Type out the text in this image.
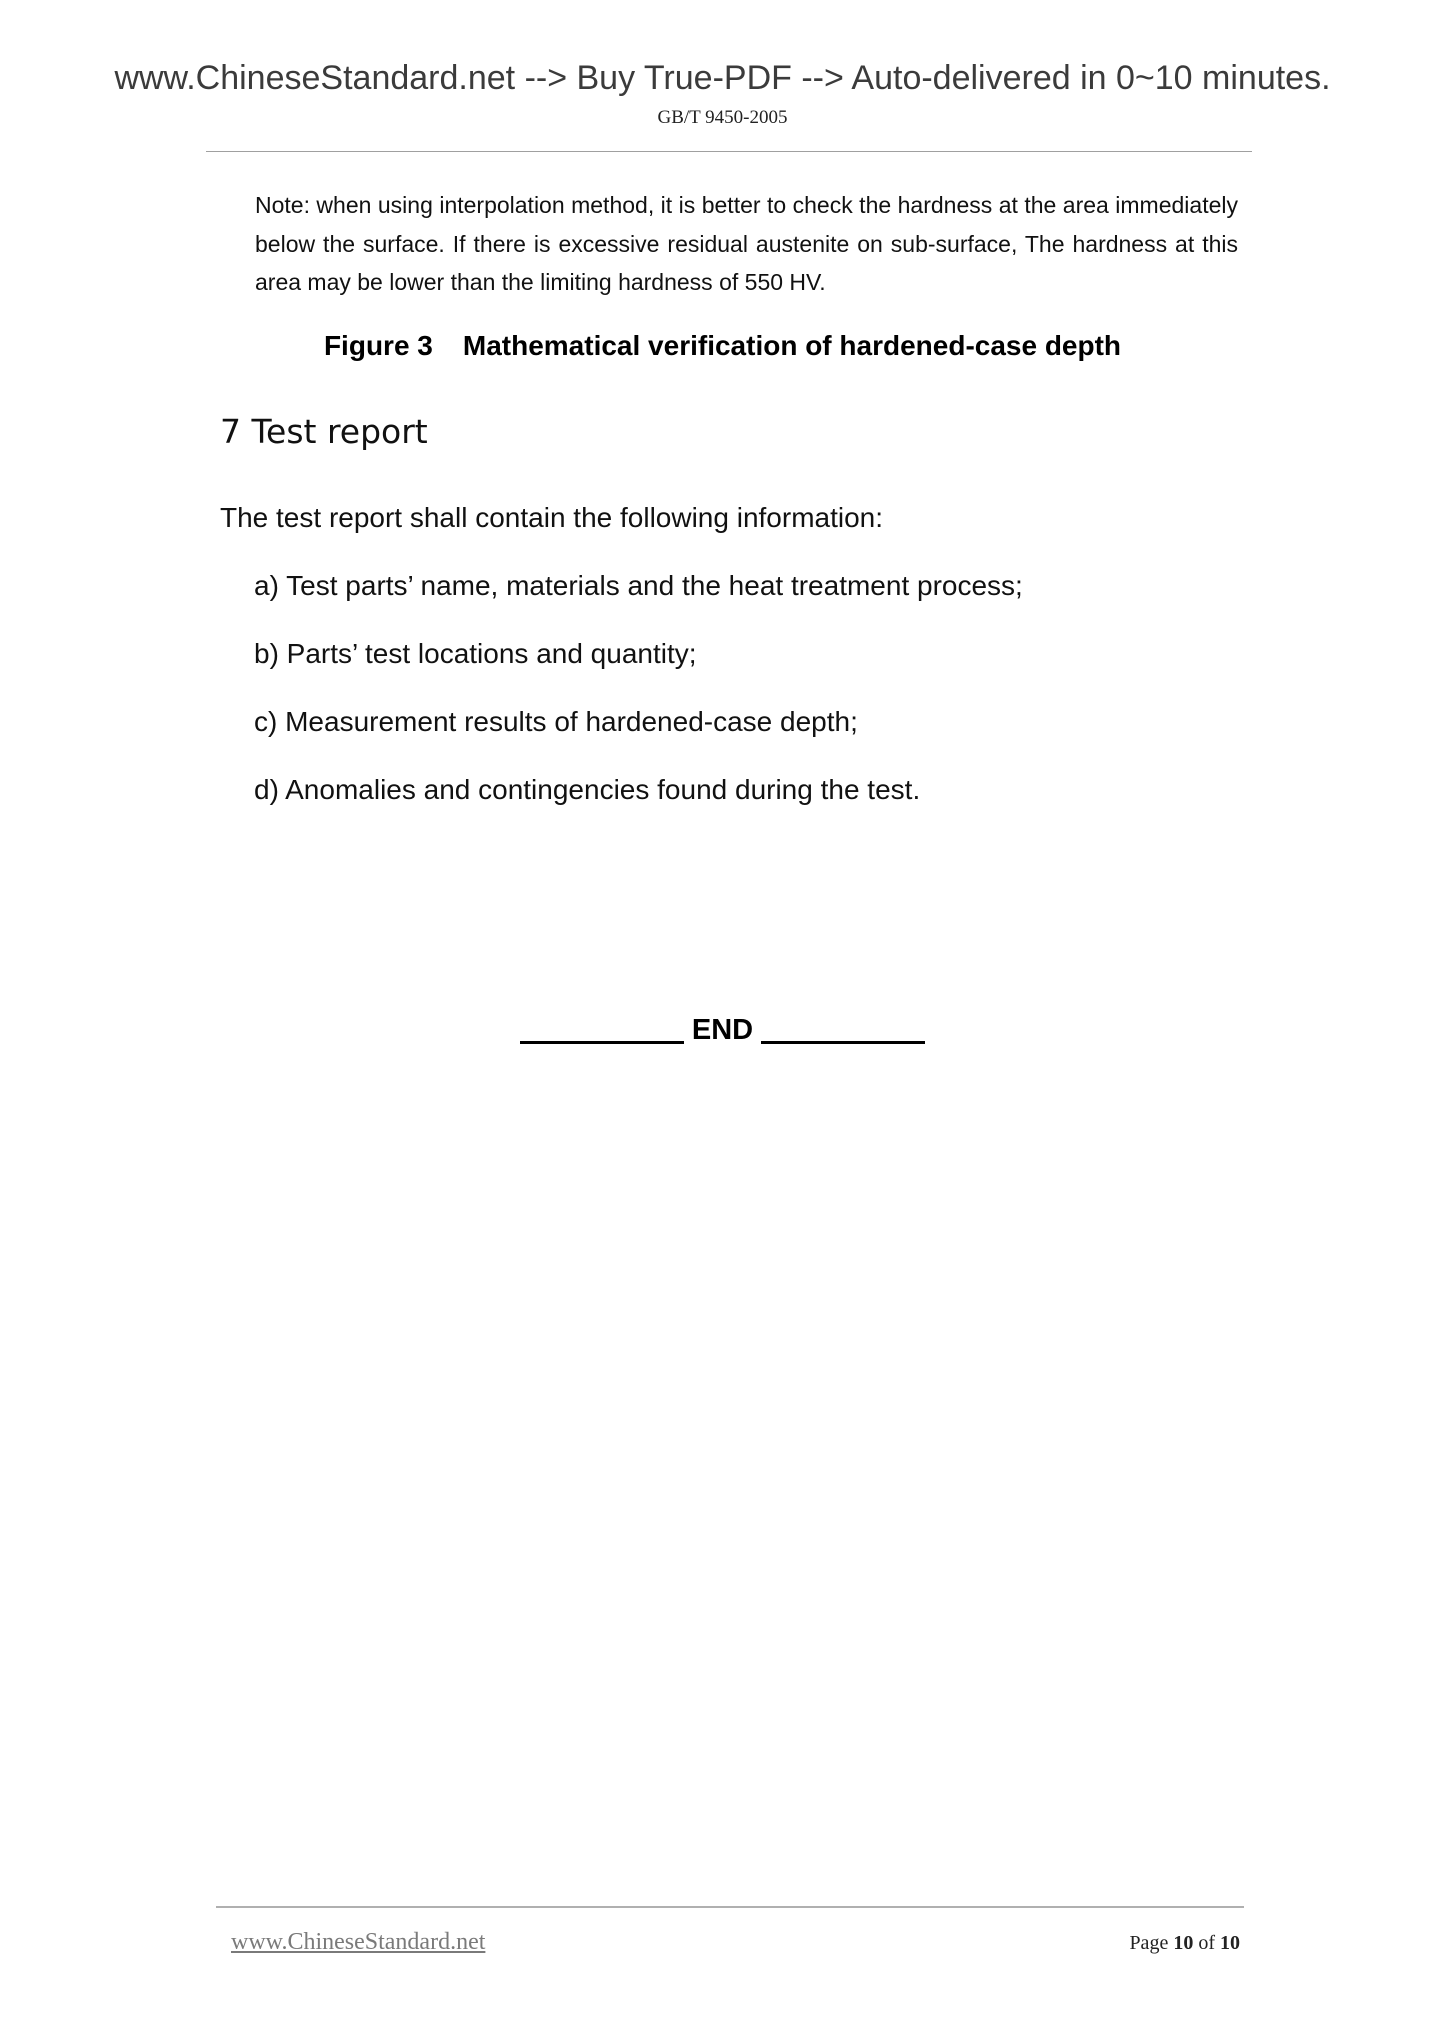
www.ChineseStandard.net --> Buy True-PDF --> Auto-delivered in 0~10 minutes.
GB/T 9450-2005
Note: when using interpolation method, it is better to check the hardness at the area immediately below the surface. If there is excessive residual austenite on sub-surface, The hardness at this area may be lower than the limiting hardness of 550 HV.
Figure 3 Mathematical verification of hardened-case depth
7 Test report
The test report shall contain the following information:
a) Test parts’ name, materials and the heat treatment process;
b) Parts’ test locations and quantity;
c) Measurement results of hardened-case depth;
d) Anomalies and contingencies found during the test.
END
www.ChineseStandard.net	Page 10 of 10
